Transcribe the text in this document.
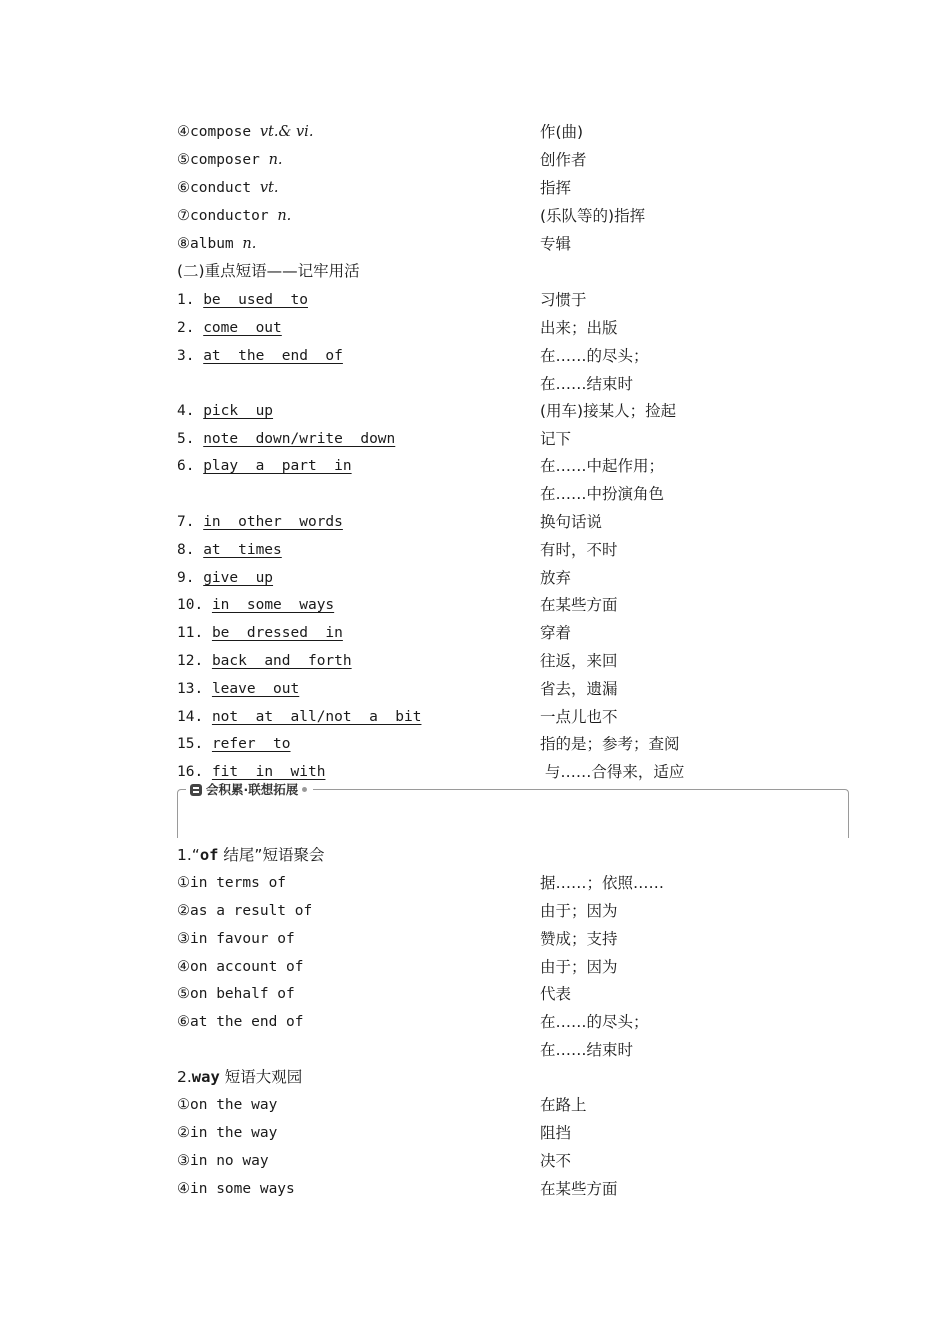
④compose vt.& vi.	作(曲)
⑤composer n.	创作者
⑥conduct vt.	指挥
⑦conductor n.	(乐队等的)指挥
⑧album n.	专辑
(二)重点短语——记牢用活
1. be  used  to	习惯于
2. come  out	出来；出版
3. at  the  end  of	在……的尽头；
在……结束时
4. pick  up	(用车)接某人；捡起
5. note  down/write  down	记下
6. play  a  part  in	在……中起作用；
在……中扮演角色
7. in  other  words	换句话说
8. at  times	有时，不时
9. give  up	放弃
10. in  some  ways	在某些方面
11. be  dressed  in	穿着
12. back  and  forth	往返，来回
13. leave  out	省去，遗漏
14. not  at  all/not  a  bit	一点儿也不
15. refer  to	指的是；参考；查阅
16. fit  in  with	与……合得来，适应
会积累·联想拓展
1.“of 结尾”短语聚会
①in terms of	据……；依照……
②as a result of	由于；因为
③in favour of	赞成；支持
④on account of	由于；因为
⑤on behalf of	代表
⑥at the end of	在……的尽头；
在……结束时
2.way 短语大观园
①on the way	在路上
②in the way	阻挡
③in no way	决不
④in some ways	在某些方面
